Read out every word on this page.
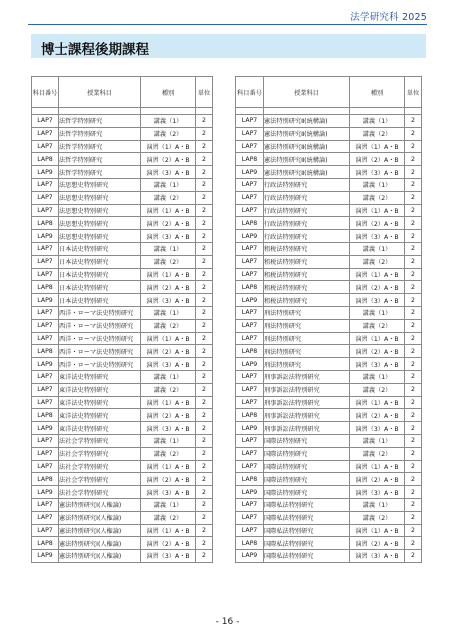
法学研究科 2025
博士課程後期課程
科目番号	授業科目	種別	単位

LAP7	法哲学特別研究	講義（1）	2
LAP7	法哲学特別研究	講義（2）	2
LAP7	法哲学特別研究	演習（1）A・B	2
LAP8	法哲学特別研究	演習（2）A・B	2
LAP9	法哲学特別研究	演習（3）A・B	2
LAP7	法思想史特別研究	講義（1）	2
LAP7	法思想史特別研究	講義（2）	2
LAP7	法思想史特別研究	演習（1）A・B	2
LAP8	法思想史特別研究	演習（2）A・B	2
LAP9	法思想史特別研究	演習（3）A・B	2
LAP7	日本法史特別研究	講義（1）	2
LAP7	日本法史特別研究	講義（2）	2
LAP7	日本法史特別研究	演習（1）A・B	2
LAP8	日本法史特別研究	演習（2）A・B	2
LAP9	日本法史特別研究	演習（3）A・B	2
LAP7	西洋・ローマ法史特別研究	講義（1）	2
LAP7	西洋・ローマ法史特別研究	講義（2）	2
LAP7	西洋・ローマ法史特別研究	演習（1）A・B	2
LAP8	西洋・ローマ法史特別研究	演習（2）A・B	2
LAP9	西洋・ローマ法史特別研究	演習（3）A・B	2
LAP7	東洋法史特別研究	講義（1）	2
LAP7	東洋法史特別研究	講義（2）	2
LAP7	東洋法史特別研究	演習（1）A・B	2
LAP8	東洋法史特別研究	演習（2）A・B	2
LAP9	東洋法史特別研究	演習（3）A・B	2
LAP7	法社会学特別研究	講義（1）	2
LAP7	法社会学特別研究	講義（2）	2
LAP7	法社会学特別研究	演習（1）A・B	2
LAP8	法社会学特別研究	演習（2）A・B	2
LAP9	法社会学特別研究	演習（3）A・B	2
LAP7	憲法特別研究Ⅰ(人権論)	講義（1）	2
LAP7	憲法特別研究Ⅰ(人権論)	講義（2）	2
LAP7	憲法特別研究Ⅰ(人権論)	演習（1）A・B	2
LAP8	憲法特別研究Ⅰ(人権論)	演習（2）A・B	2
LAP9	憲法特別研究Ⅰ(人権論)	演習（3）A・B	2
科目番号	授業科目	種別	単位

LAP7	憲法特別研究Ⅱ(統構論)	講義（1）	2
LAP7	憲法特別研究Ⅱ(統構論)	講義（2）	2
LAP7	憲法特別研究Ⅱ(統構論)	演習（1）A・B	2
LAP8	憲法特別研究Ⅱ(統構論)	演習（2）A・B	2
LAP9	憲法特別研究Ⅱ(統構論)	演習（3）A・B	2
LAP7	行政法特別研究	講義（1）	2
LAP7	行政法特別研究	講義（2）	2
LAP7	行政法特別研究	演習（1）A・B	2
LAP8	行政法特別研究	演習（2）A・B	2
LAP9	行政法特別研究	演習（3）A・B	2
LAP7	租税法特別研究	講義（1）	2
LAP7	租税法特別研究	講義（2）	2
LAP7	租税法特別研究	演習（1）A・B	2
LAP8	租税法特別研究	演習（2）A・B	2
LAP9	租税法特別研究	演習（3）A・B	2
LAP7	刑法特別研究	講義（1）	2
LAP7	刑法特別研究	講義（2）	2
LAP7	刑法特別研究	演習（1）A・B	2
LAP8	刑法特別研究	演習（2）A・B	2
LAP9	刑法特別研究	演習（3）A・B	2
LAP7	刑事訴訟法特別研究	講義（1）	2
LAP7	刑事訴訟法特別研究	講義（2）	2
LAP7	刑事訴訟法特別研究	演習（1）A・B	2
LAP8	刑事訴訟法特別研究	演習（2）A・B	2
LAP9	刑事訴訟法特別研究	演習（3）A・B	2
LAP7	国際法特別研究	講義（1）	2
LAP7	国際法特別研究	講義（2）	2
LAP7	国際法特別研究	演習（1）A・B	2
LAP8	国際法特別研究	演習（2）A・B	2
LAP9	国際法特別研究	演習（3）A・B	2
LAP7	国際私法特別研究	講義（1）	2
LAP7	国際私法特別研究	講義（2）	2
LAP7	国際私法特別研究	演習（1）A・B	2
LAP8	国際私法特別研究	演習（2）A・B	2
LAP9	国際私法特別研究	演習（3）A・B	2
- 16 -
